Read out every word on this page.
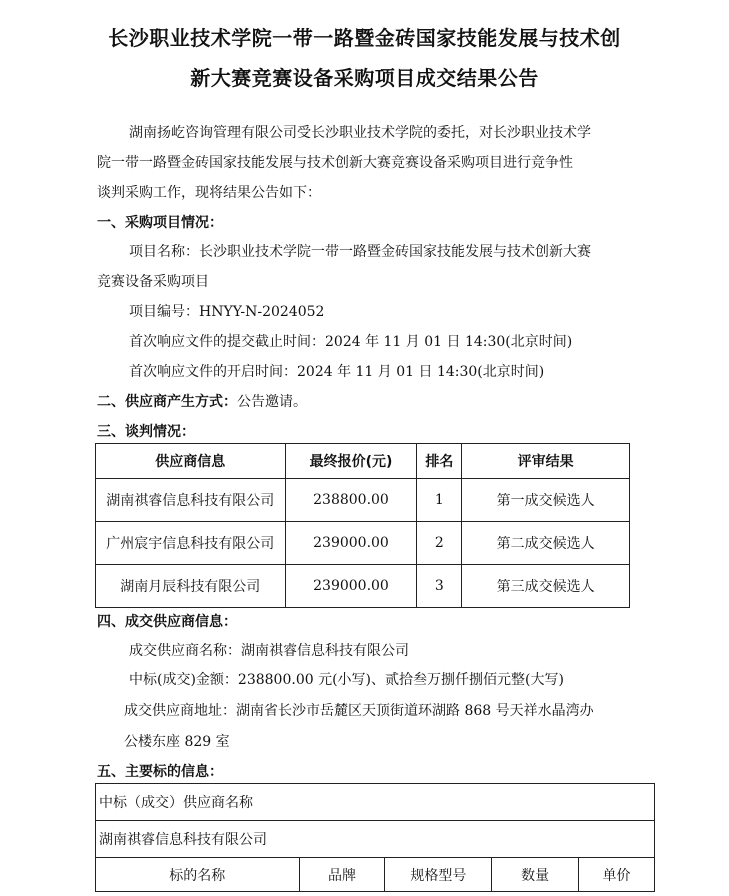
长沙职业技术学院一带一路暨金砖国家技能发展与技术创
新大赛竞赛设备采购项目成交结果公告
湖南扬屹咨询管理有限公司受长沙职业技术学院的委托，对长沙职业技术学
院一带一路暨金砖国家技能发展与技术创新大赛竞赛设备采购项目进行竞争性
谈判采购工作，现将结果公告如下：
一、采购项目情况：
项目名称：长沙职业技术学院一带一路暨金砖国家技能发展与技术创新大赛
竞赛设备采购项目
项目编号：HNYY-N-2024052
首次响应文件的提交截止时间：2024 年 11 月 01 日 14:30(北京时间)
首次响应文件的开启时间：2024 年 11 月 01 日 14:30(北京时间)
二、供应商产生方式：公告邀请。
三、谈判情况：
供应商信息	最终报价(元)	排名	评审结果
湖南祺睿信息科技有限公司	238800.00	1	第一成交候选人
广州宸宇信息科技有限公司	239000.00	2	第二成交候选人
湖南月辰科技有限公司	239000.00	3	第三成交候选人
四、成交供应商信息：
成交供应商名称：湖南祺睿信息科技有限公司
中标(成交)金额：238800.00 元(小写)、贰拾叁万捌仟捌佰元整(大写)
成交供应商地址：湖南省长沙市岳麓区天顶街道环湖路 868 号天祥水晶湾办
公楼东座 829 室
五、主要标的信息：
中标（成交）供应商名称
湖南祺睿信息科技有限公司
标的名称	品牌	规格型号	数量	单价
